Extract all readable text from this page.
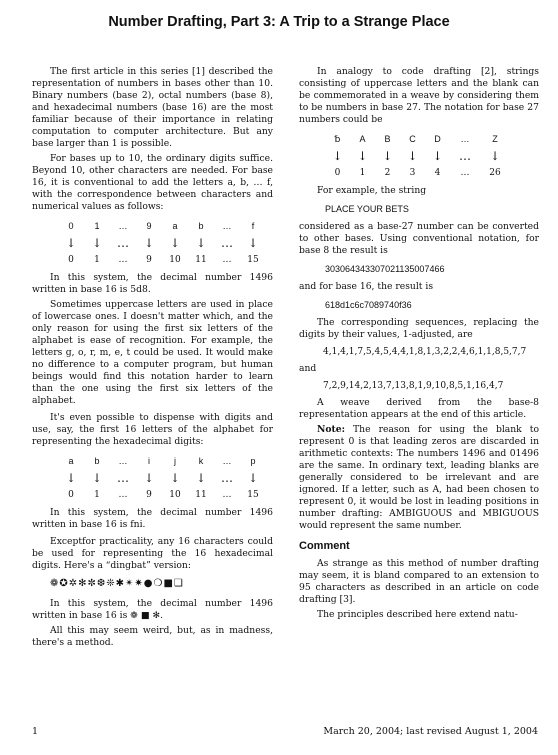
Number Drafting, Part 3: A Trip to a Strange Place

The first article in this series [1] described the representation of numbers in bases other than 10. Binary numbers (base 2), octal numbers (base 8), and hexadecimal numbers (base 16) are the most familiar because of their importance in relating computation to computer architecture. But any base larger than 1 is possible.

For bases up to 10, the ordinary digits suffice. Beyond 10, other characters are needed. For base 16, it is conventional to add the letters a, b, … f, with the correspondence between characters and numerical values as follows:

0	1	…	9	a	b	…	f
↓	↓	…	↓	↓	↓	…	↓
0	1	…	9	10	11	…	15

In this system, the decimal number 1496 written in base 16 is 5d8.

Sometimes uppercase letters are used in place of lowercase ones. I doesn't matter which, and the only reason for using the first six letters of the alphabet is ease of recognition. For example, the letters g, o, r, m, e, t could be used. It would make no difference to a computer program, but human beings would find this notation harder to learn than the one using the first six letters of the alphabet.

It's even possible to dispense with digits and use, say, the first 16 letters of the alphabet for representing the hexadecimal digits:

a	b	…	i	j	k	…	p
↓	↓	…	↓	↓	↓	…	↓
0	1	…	9	10	11	…	15

In this system, the decimal number 1496 written in base 16 is fni.

Exceptfor practicality, any 16 characters could be used for representing the 16 hexadecimal digits. Here's a “dingbat” version:

❁✪✲✻✼❆❊✱✴✷●❍■❏

In this system, the decimal number 1496 written in base 16 is ❁ ■ ✻.

All this may seem weird, but, as in madness, there's a method.

In analogy to code drafting [2], strings consisting of uppercase letters and the blank can be commemorated in a weave by considering them to be numbers in base 27. The notation for base 27 numbers could be

␢	A	B	C	D	…	Z
↓	↓	↓	↓	↓	…	↓
0	1	2	3	4	…	26

For example, the string

PLACE YOUR BETS

considered as a base-27 number can be converted to other bases. Using conventional notation, for base 8 the result is

303064343307021135007466

and for base 16, the result is

618d1c6c7089740f36

The corresponding sequences, replacing the digits by their values, 1-adjusted, are

4,1,4,1,7,5,4,5,4,4,1,8,1,3,2,2,4,6,1,1,8,5,7,7

and

7,2,9,14,2,13,7,13,8,1,9,10,8,5,1,16,4,7

A weave derived from the base-8 representation appears at the end of this article.

Note: The reason for using the blank to represent 0 is that leading zeros are discarded in arithmetic contexts: The numbers 1496 and 01496 are the same. In ordinary text, leading blanks are generally considered to be irrelevant and are ignored. If a letter, such as A, had been chosen to represent 0, it would be lost in leading positions in number drafting: AMBIGUOUS and MBIGUOUS would represent the same number.

Comment

As strange as this method of number drafting may seem, it is bland compared to an extension to 95 characters as described in an article on code drafting [3].

The principles described here extend natu-

1	March 20, 2004; last revised August 1, 2004
